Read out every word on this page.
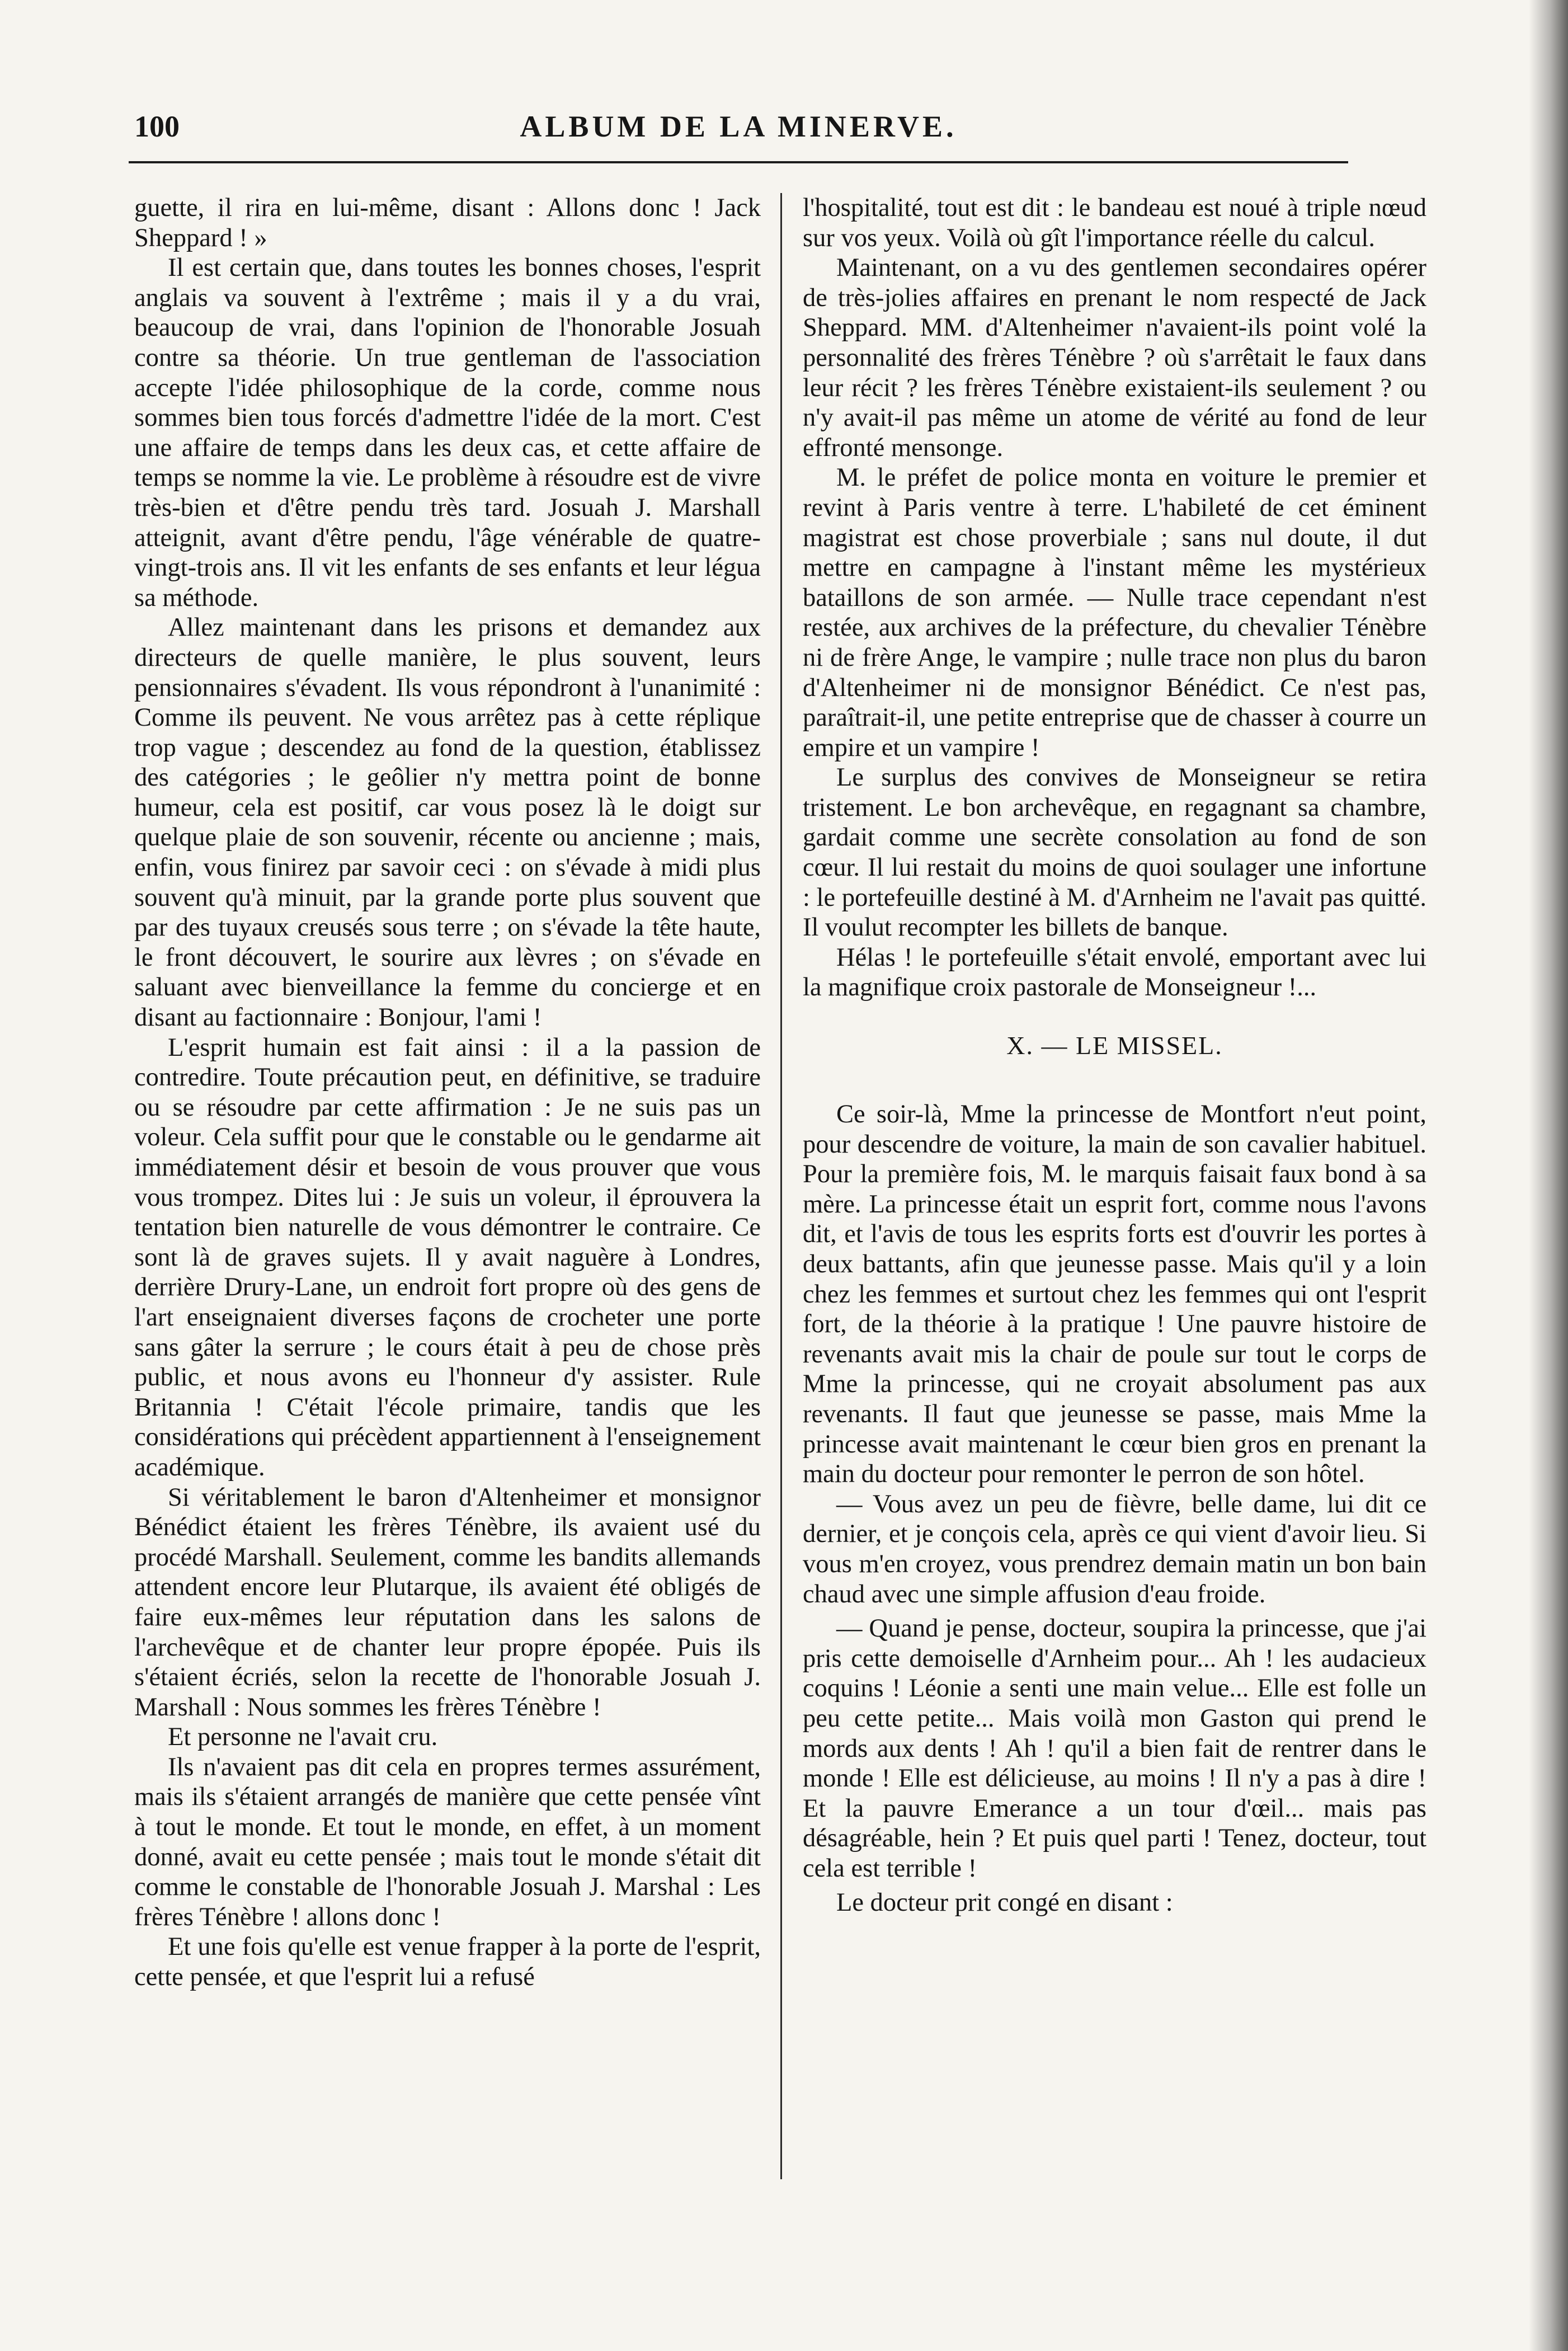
100	ALBUM DE LA MINERVE.

guette, il rira en lui-même, disant : Allons donc ! Jack Sheppard ! »

Il est certain que, dans toutes les bonnes choses, l'esprit anglais va souvent à l'extrême ; mais il y a du vrai, beaucoup de vrai, dans l'opinion de l'honorable Josuah contre sa théorie. Un true gentleman de l'association accepte l'idée philosophique de la corde, comme nous sommes bien tous forcés d'admettre l'idée de la mort. C'est une affaire de temps dans les deux cas, et cette affaire de temps se nomme la vie. Le problème à résoudre est de vivre très-bien et d'être pendu très tard. Josuah J. Marshall atteignit, avant d'être pendu, l'âge vénérable de quatre-vingt-trois ans. Il vit les enfants de ses enfants et leur légua sa méthode.

Allez maintenant dans les prisons et demandez aux directeurs de quelle manière, le plus souvent, leurs pensionnaires s'évadent. Ils vous répondront à l'unanimité : Comme ils peuvent. Ne vous arrêtez pas à cette réplique trop vague ; descendez au fond de la question, établissez des catégories ; le geôlier n'y mettra point de bonne humeur, cela est positif, car vous posez là le doigt sur quelque plaie de son souvenir, récente ou ancienne ; mais, enfin, vous finirez par savoir ceci : on s'évade à midi plus souvent qu'à minuit, par la grande porte plus souvent que par des tuyaux creusés sous terre ; on s'évade la tête haute, le front découvert, le sourire aux lèvres ; on s'évade en saluant avec bienveillance la femme du concierge et en disant au factionnaire : Bonjour, l'ami !

L'esprit humain est fait ainsi : il a la passion de contredire. Toute précaution peut, en définitive, se traduire ou se résoudre par cette affirmation : Je ne suis pas un voleur. Cela suffit pour que le constable ou le gendarme ait immédiatement désir et besoin de vous prouver que vous vous trompez. Dites lui : Je suis un voleur, il éprouvera la tentation bien naturelle de vous démontrer le contraire. Ce sont là de graves sujets. Il y avait naguère à Londres, derrière Drury-Lane, un endroit fort propre où des gens de l'art enseignaient diverses façons de crocheter une porte sans gâter la serrure ; le cours était à peu de chose près public, et nous avons eu l'honneur d'y assister. Rule Britannia ! C'était l'école primaire, tandis que les considérations qui précèdent appartiennent à l'enseignement académique.

Si véritablement le baron d'Altenheimer et monsignor Bénédict étaient les frères Ténèbre, ils avaient usé du procédé Marshall. Seulement, comme les bandits allemands attendent encore leur Plutarque, ils avaient été obligés de faire eux-mêmes leur réputation dans les salons de l'archevêque et de chanter leur propre épopée. Puis ils s'étaient écriés, selon la recette de l'honorable Josuah J. Marshall : Nous sommes les frères Ténèbre !

Et personne ne l'avait cru.

Ils n'avaient pas dit cela en propres termes assurément, mais ils s'étaient arrangés de manière que cette pensée vînt à tout le monde. Et tout le monde, en effet, à un moment donné, avait eu cette pensée ; mais tout le monde s'était dit comme le constable de l'honorable Josuah J. Marshal : Les frères Ténèbre ! allons donc !

Et une fois qu'elle est venue frapper à la porte de l'esprit, cette pensée, et que l'esprit lui a refusé

l'hospitalité, tout est dit : le bandeau est noué à triple nœud sur vos yeux. Voilà où gît l'importance réelle du calcul.

Maintenant, on a vu des gentlemen secondaires opérer de très-jolies affaires en prenant le nom respecté de Jack Sheppard. MM. d'Altenheimer n'avaient-ils point volé la personnalité des frères Ténèbre ? où s'arrêtait le faux dans leur récit ? les frères Ténèbre existaient-ils seulement ? ou n'y avait-il pas même un atome de vérité au fond de leur effronté mensonge.

M. le préfet de police monta en voiture le premier et revint à Paris ventre à terre. L'habileté de cet éminent magistrat est chose proverbiale ; sans nul doute, il dut mettre en campagne à l'instant même les mystérieux bataillons de son armée. — Nulle trace cependant n'est restée, aux archives de la préfecture, du chevalier Ténèbre ni de frère Ange, le vampire ; nulle trace non plus du baron d'Altenheimer ni de monsignor Bénédict. Ce n'est pas, paraîtrait-il, une petite entreprise que de chasser à courre un empire et un vampire !

Le surplus des convives de Monseigneur se retira tristement. Le bon archevêque, en regagnant sa chambre, gardait comme une secrète consolation au fond de son cœur. Il lui restait du moins de quoi soulager une infortune : le portefeuille destiné à M. d'Arnheim ne l'avait pas quitté. Il voulut recompter les billets de banque.

Hélas ! le portefeuille s'était envolé, emportant avec lui la magnifique croix pastorale de Monseigneur !...

X. — LE MISSEL.

Ce soir-là, Mme la princesse de Montfort n'eut point, pour descendre de voiture, la main de son cavalier habituel. Pour la première fois, M. le marquis faisait faux bond à sa mère. La princesse était un esprit fort, comme nous l'avons dit, et l'avis de tous les esprits forts est d'ouvrir les portes à deux battants, afin que jeunesse passe. Mais qu'il y a loin chez les femmes et surtout chez les femmes qui ont l'esprit fort, de la théorie à la pratique ! Une pauvre histoire de revenants avait mis la chair de poule sur tout le corps de Mme la princesse, qui ne croyait absolument pas aux revenants. Il faut que jeunesse se passe, mais Mme la princesse avait maintenant le cœur bien gros en prenant la main du docteur pour remonter le perron de son hôtel.

— Vous avez un peu de fièvre, belle dame, lui dit ce dernier, et je conçois cela, après ce qui vient d'avoir lieu. Si vous m'en croyez, vous prendrez demain matin un bon bain chaud avec une simple affusion d'eau froide.

— Quand je pense, docteur, soupira la princesse, que j'ai pris cette demoiselle d'Arnheim pour... Ah ! les audacieux coquins ! Léonie a senti une main velue... Elle est folle un peu cette petite... Mais voilà mon Gaston qui prend le mords aux dents ! Ah ! qu'il a bien fait de rentrer dans le monde ! Elle est délicieuse, au moins ! Il n'y a pas à dire ! Et la pauvre Emerance a un tour d'œil... mais pas désagréable, hein ? Et puis quel parti ! Tenez, docteur, tout cela est terrible !

Le docteur prit congé en disant :
